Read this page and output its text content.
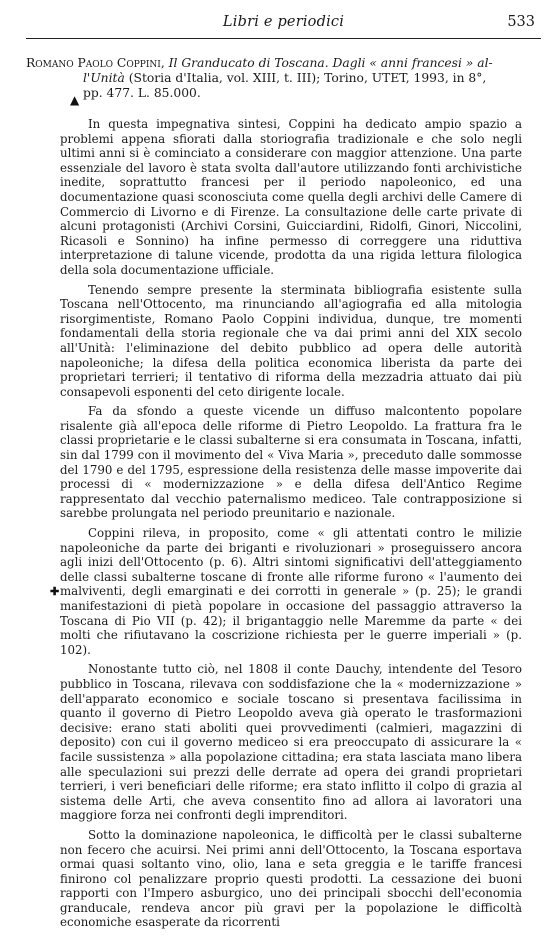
Libri e periodici	533
Romano Paolo Coppini, Il Granducato di Toscana. Dagli « anni francesi » al-
l'Unità (Storia d'Italia, vol. XIII, t. III); Torino, UTET, 1993, in 8°,
pp. 477. L. 85.000.
▲

In questa impegnativa sintesi, Coppini ha dedicato ampio spazio a problemi appena sfiorati dalla storiografia tradizionale e che solo negli ultimi anni si è cominciato a considerare con maggior attenzione. Una parte essenziale del lavoro è stata svolta dall'autore utilizzando fonti archivistiche inedite, soprattutto francesi per il periodo napoleonico, ed una documentazione quasi sconosciuta come quella degli archivi delle Camere di Commercio di Livorno e di Firenze. La consultazione delle carte private di alcuni protagonisti (Archivi Corsini, Guicciardini, Ridolfi, Ginori, Niccolini, Ricasoli e Sonnino) ha infine permesso di correggere una riduttiva interpretazione di talune vicende, prodotta da una rigida lettura filologica della sola documentazione ufficiale.

Tenendo sempre presente la sterminata bibliografia esistente sulla Toscana nell'Ottocento, ma rinunciando all'agiografia ed alla mitologia risorgimentiste, Romano Paolo Coppini individua, dunque, tre momenti fondamentali della storia regionale che va dai primi anni del XIX secolo all'Unità: l'eliminazione del debito pubblico ad opera delle autorità napoleoniche; la difesa della politica economica liberista da parte dei proprietari terrieri; il tentativo di riforma della mezzadria attuato dai più consapevoli esponenti del ceto dirigente locale.

Fa da sfondo a queste vicende un diffuso malcontento popolare risalente già all'epoca delle riforme di Pietro Leopoldo. La frattura fra le classi proprietarie e le classi subalterne si era consumata in Toscana, infatti, sin dal 1799 con il movimento del « Viva Maria », preceduto dalle sommosse del 1790 e del 1795, espressione della resistenza delle masse impoverite dai processi di « modernizzazione » e della difesa dell'Antico Regime rappresentato dal vecchio paternalismo mediceo. Tale contrapposizione si sarebbe prolungata nel periodo preunitario e nazionale.

Coppini rileva, in proposito, come « gli attentati contro le milizie napoleoniche da parte dei briganti e rivoluzionari » proseguissero ancora agli inizi dell'Ottocento (p. 6). Altri sintomi significativi dell'atteggiamento delle classi subalterne toscane di fronte alle riforme furono « l'aumento dei malviventi, degli emarginati e dei corrotti in generale » (p. 25); le grandi manifestazioni di pietà popolare in occasione del passaggio attraverso la Toscana di Pio VII (p. 42); il brigantaggio nelle Maremme da parte « dei molti che rifiutavano la coscrizione richiesta per le guerre imperiali » (p. 102).

Nonostante tutto ciò, nel 1808 il conte Dauchy, intendente del Tesoro pubblico in Toscana, rilevava con soddisfazione che la « modernizzazione » dell'apparato economico e sociale toscano si presentava facilissima in quanto il governo di Pietro Leopoldo aveva già operato le trasformazioni decisive: erano stati aboliti quei provvedimenti (calmieri, magazzini di deposito) con cui il governo mediceo si era preoccupato di assicurare la « facile sussistenza » alla popolazione cittadina; era stata lasciata mano libera alle speculazioni sui prezzi delle derrate ad opera dei grandi proprietari terrieri, i veri beneficiari delle riforme; era stato inflitto il colpo di grazia al sistema delle Arti, che aveva consentito fino ad allora ai lavoratori una maggiore forza nei confronti degli imprenditori.

Sotto la dominazione napoleonica, le difficoltà per le classi subalterne non fecero che acuirsi. Nei primi anni dell'Ottocento, la Toscana esportava ormai quasi soltanto vino, olio, lana e seta greggia e le tariffe francesi finirono col penalizzare proprio questi prodotti. La cessazione dei buoni rapporti con l'Impero asburgico, uno dei principali sbocchi dell'economia granducale, rendeva ancor più gravi per la popolazione le difficoltà economiche esasperate da ricorrenti

✚
